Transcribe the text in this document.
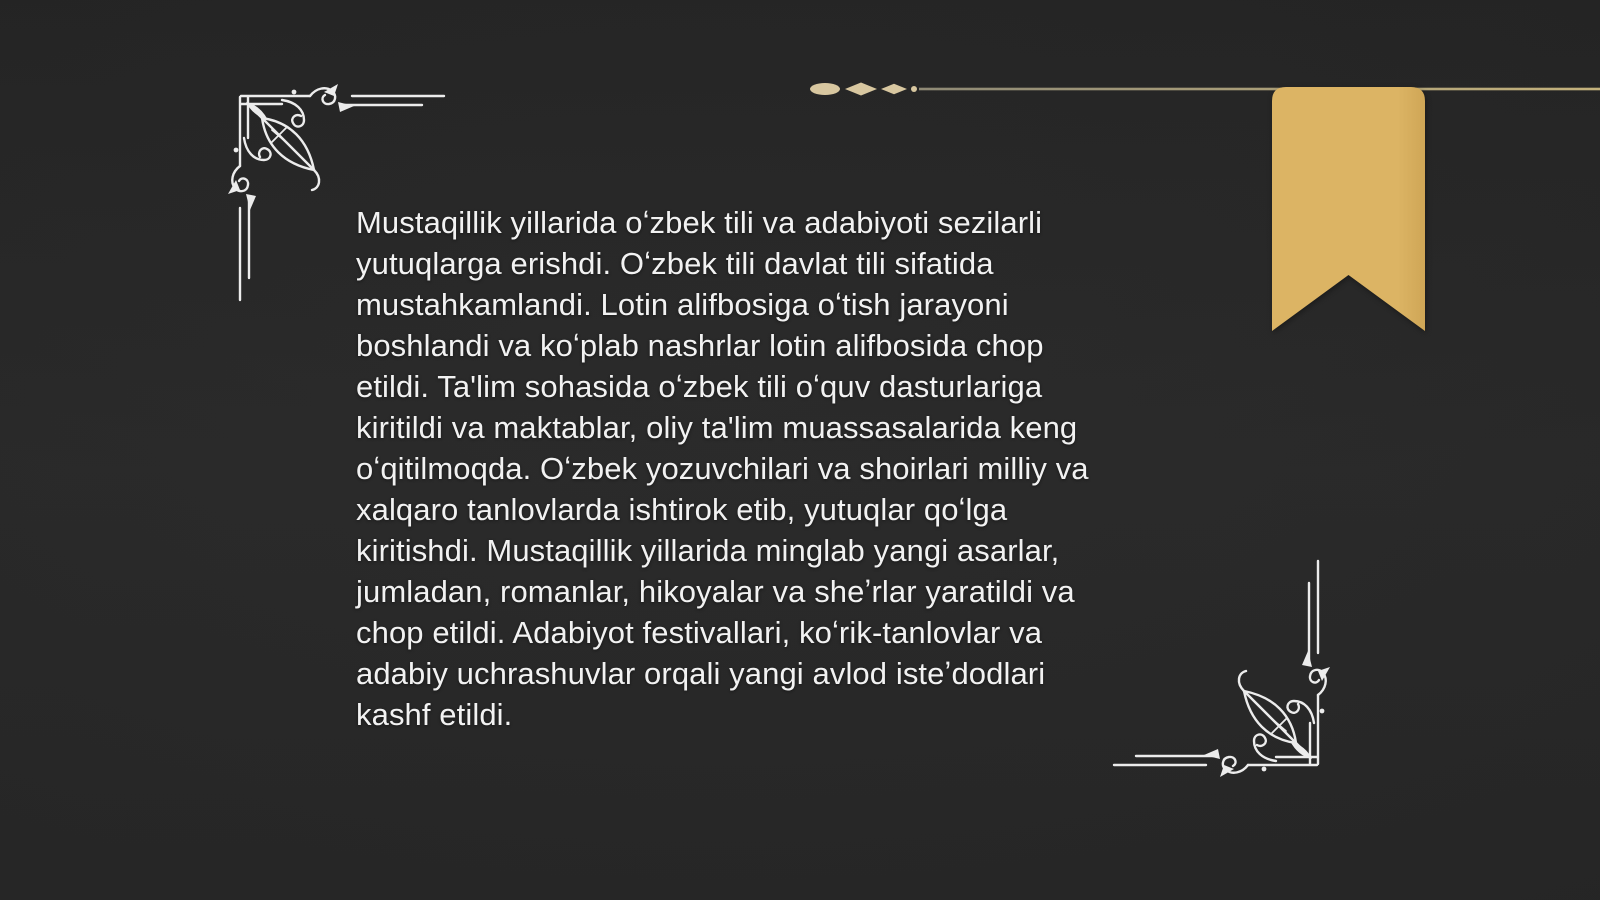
Mustaqillik yillarida oʻzbek tili va adabiyoti sezilarli
yutuqlarga erishdi. Oʻzbek tili davlat tili sifatida
mustahkamlandi. Lotin alifbosiga oʻtish jarayoni
boshlandi va koʻplab nashrlar lotin alifbosida chop
etildi. Ta'lim sohasida oʻzbek tili oʻquv dasturlariga
kiritildi va maktablar, oliy ta'lim muassasalarida keng
oʻqitilmoqda. Oʻzbek yozuvchilari va shoirlari milliy va
xalqaro tanlovlarda ishtirok etib, yutuqlar qoʻlga
kiritishdi. Mustaqillik yillarida minglab yangi asarlar,
jumladan, romanlar, hikoyalar va sheʼrlar yaratildi va
chop etildi. Adabiyot festivallari, koʻrik-tanlovlar va
adabiy uchrashuvlar orqali yangi avlod isteʼdodlari
kashf etildi.
